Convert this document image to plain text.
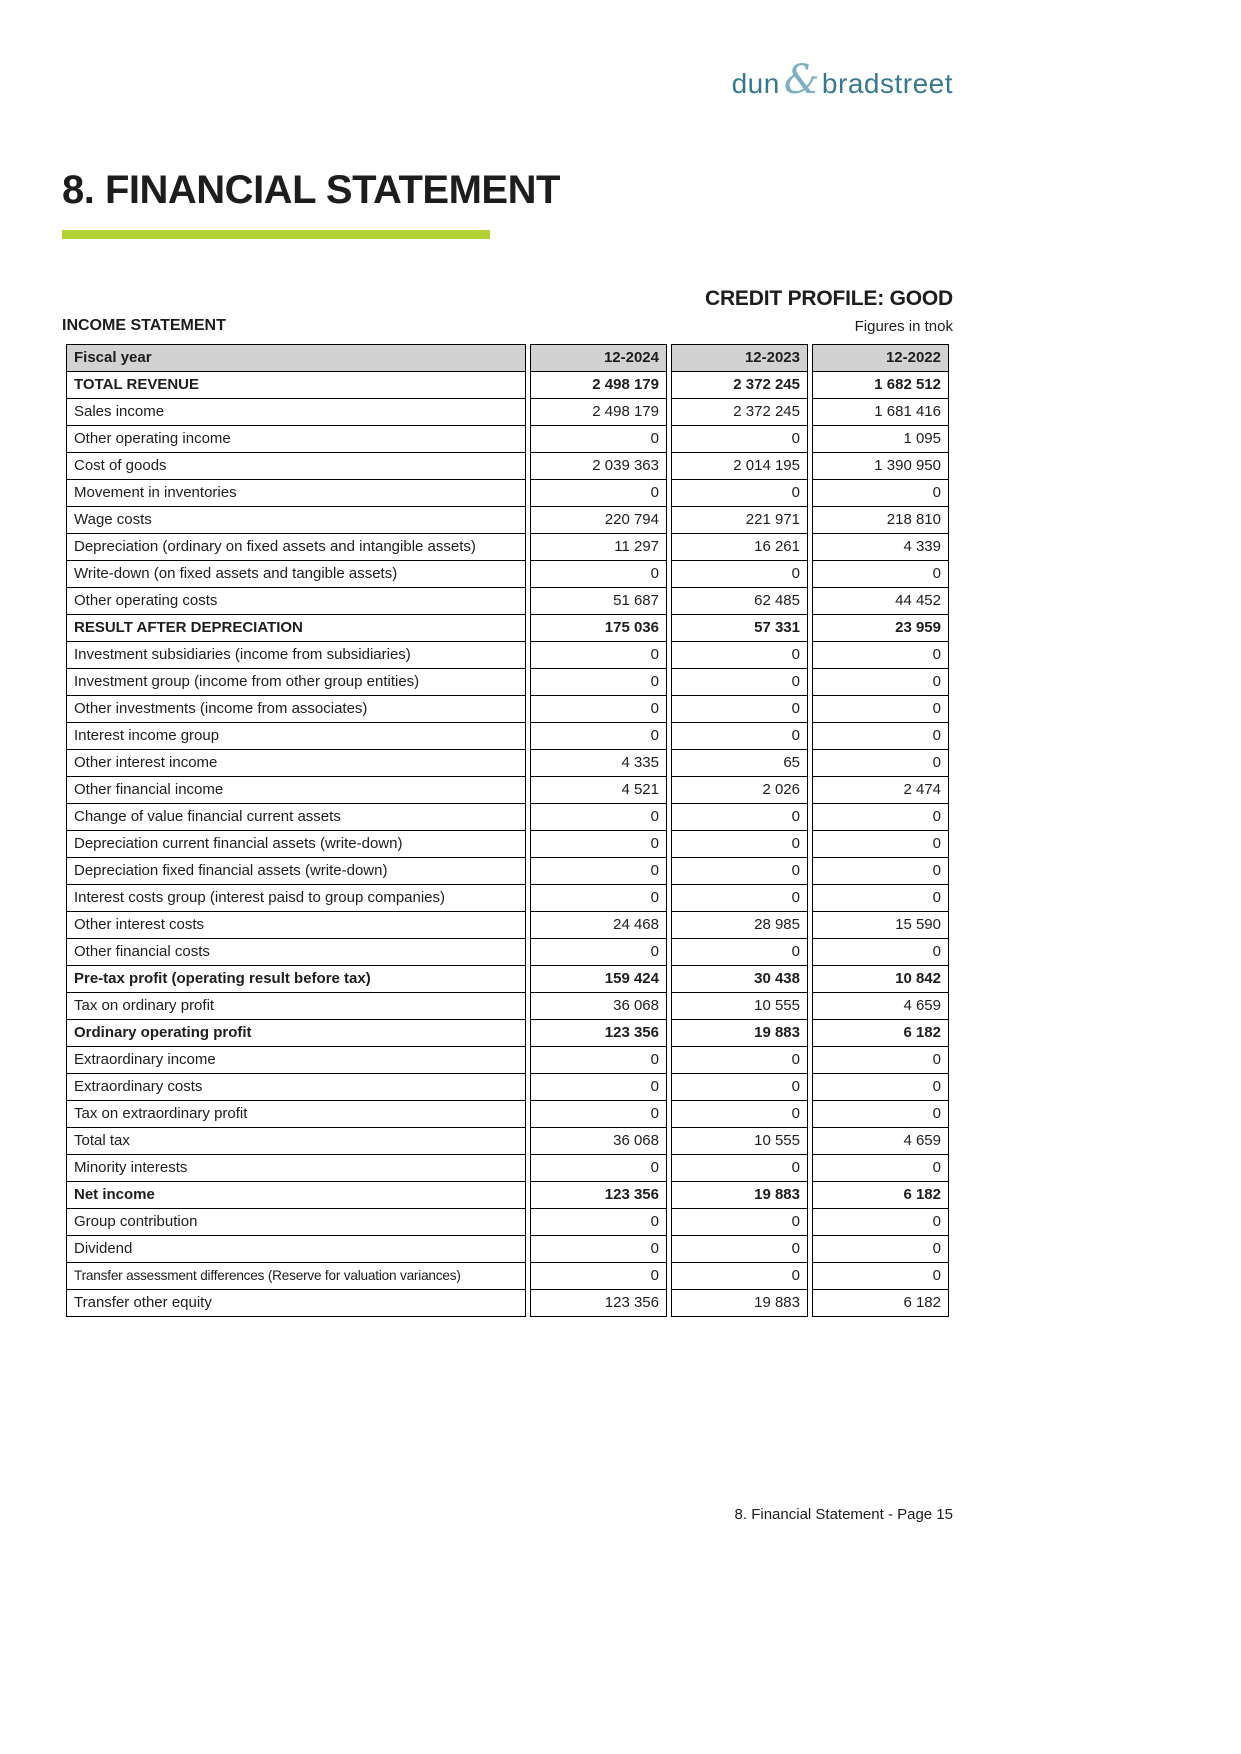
dun & bradstreet
8. FINANCIAL STATEMENT
CREDIT PROFILE: GOOD
INCOME STATEMENT	Figures in tnok
Fiscal year	12-2024	12-2023	12-2022
TOTAL REVENUE	2 498 179	2 372 245	1 682 512
Sales income	2 498 179	2 372 245	1 681 416
Other operating income	0	0	1 095
Cost of goods	2 039 363	2 014 195	1 390 950
Movement in inventories	0	0	0
Wage costs	220 794	221 971	218 810
Depreciation (ordinary on fixed assets and intangible assets)	11 297	16 261	4 339
Write-down (on fixed assets and tangible assets)	0	0	0
Other operating costs	51 687	62 485	44 452
RESULT AFTER DEPRECIATION	175 036	57 331	23 959
Investment subsidiaries (income from subsidiaries)	0	0	0
Investment group (income from other group entities)	0	0	0
Other investments (income from associates)	0	0	0
Interest income group	0	0	0
Other interest income	4 335	65	0
Other financial income	4 521	2 026	2 474
Change of value financial current assets	0	0	0
Depreciation current financial assets (write-down)	0	0	0
Depreciation fixed financial assets (write-down)	0	0	0
Interest costs group (interest paisd to group companies)	0	0	0
Other interest costs	24 468	28 985	15 590
Other financial costs	0	0	0
Pre-tax profit (operating result before tax)	159 424	30 438	10 842
Tax on ordinary profit	36 068	10 555	4 659
Ordinary operating profit	123 356	19 883	6 182
Extraordinary income	0	0	0
Extraordinary costs	0	0	0
Tax on extraordinary profit	0	0	0
Total tax	36 068	10 555	4 659
Minority interests	0	0	0
Net income	123 356	19 883	6 182
Group contribution	0	0	0
Dividend	0	0	0
Transfer assessment differences (Reserve for valuation variances)	0	0	0
Transfer other equity	123 356	19 883	6 182
8. Financial Statement - Page 15
